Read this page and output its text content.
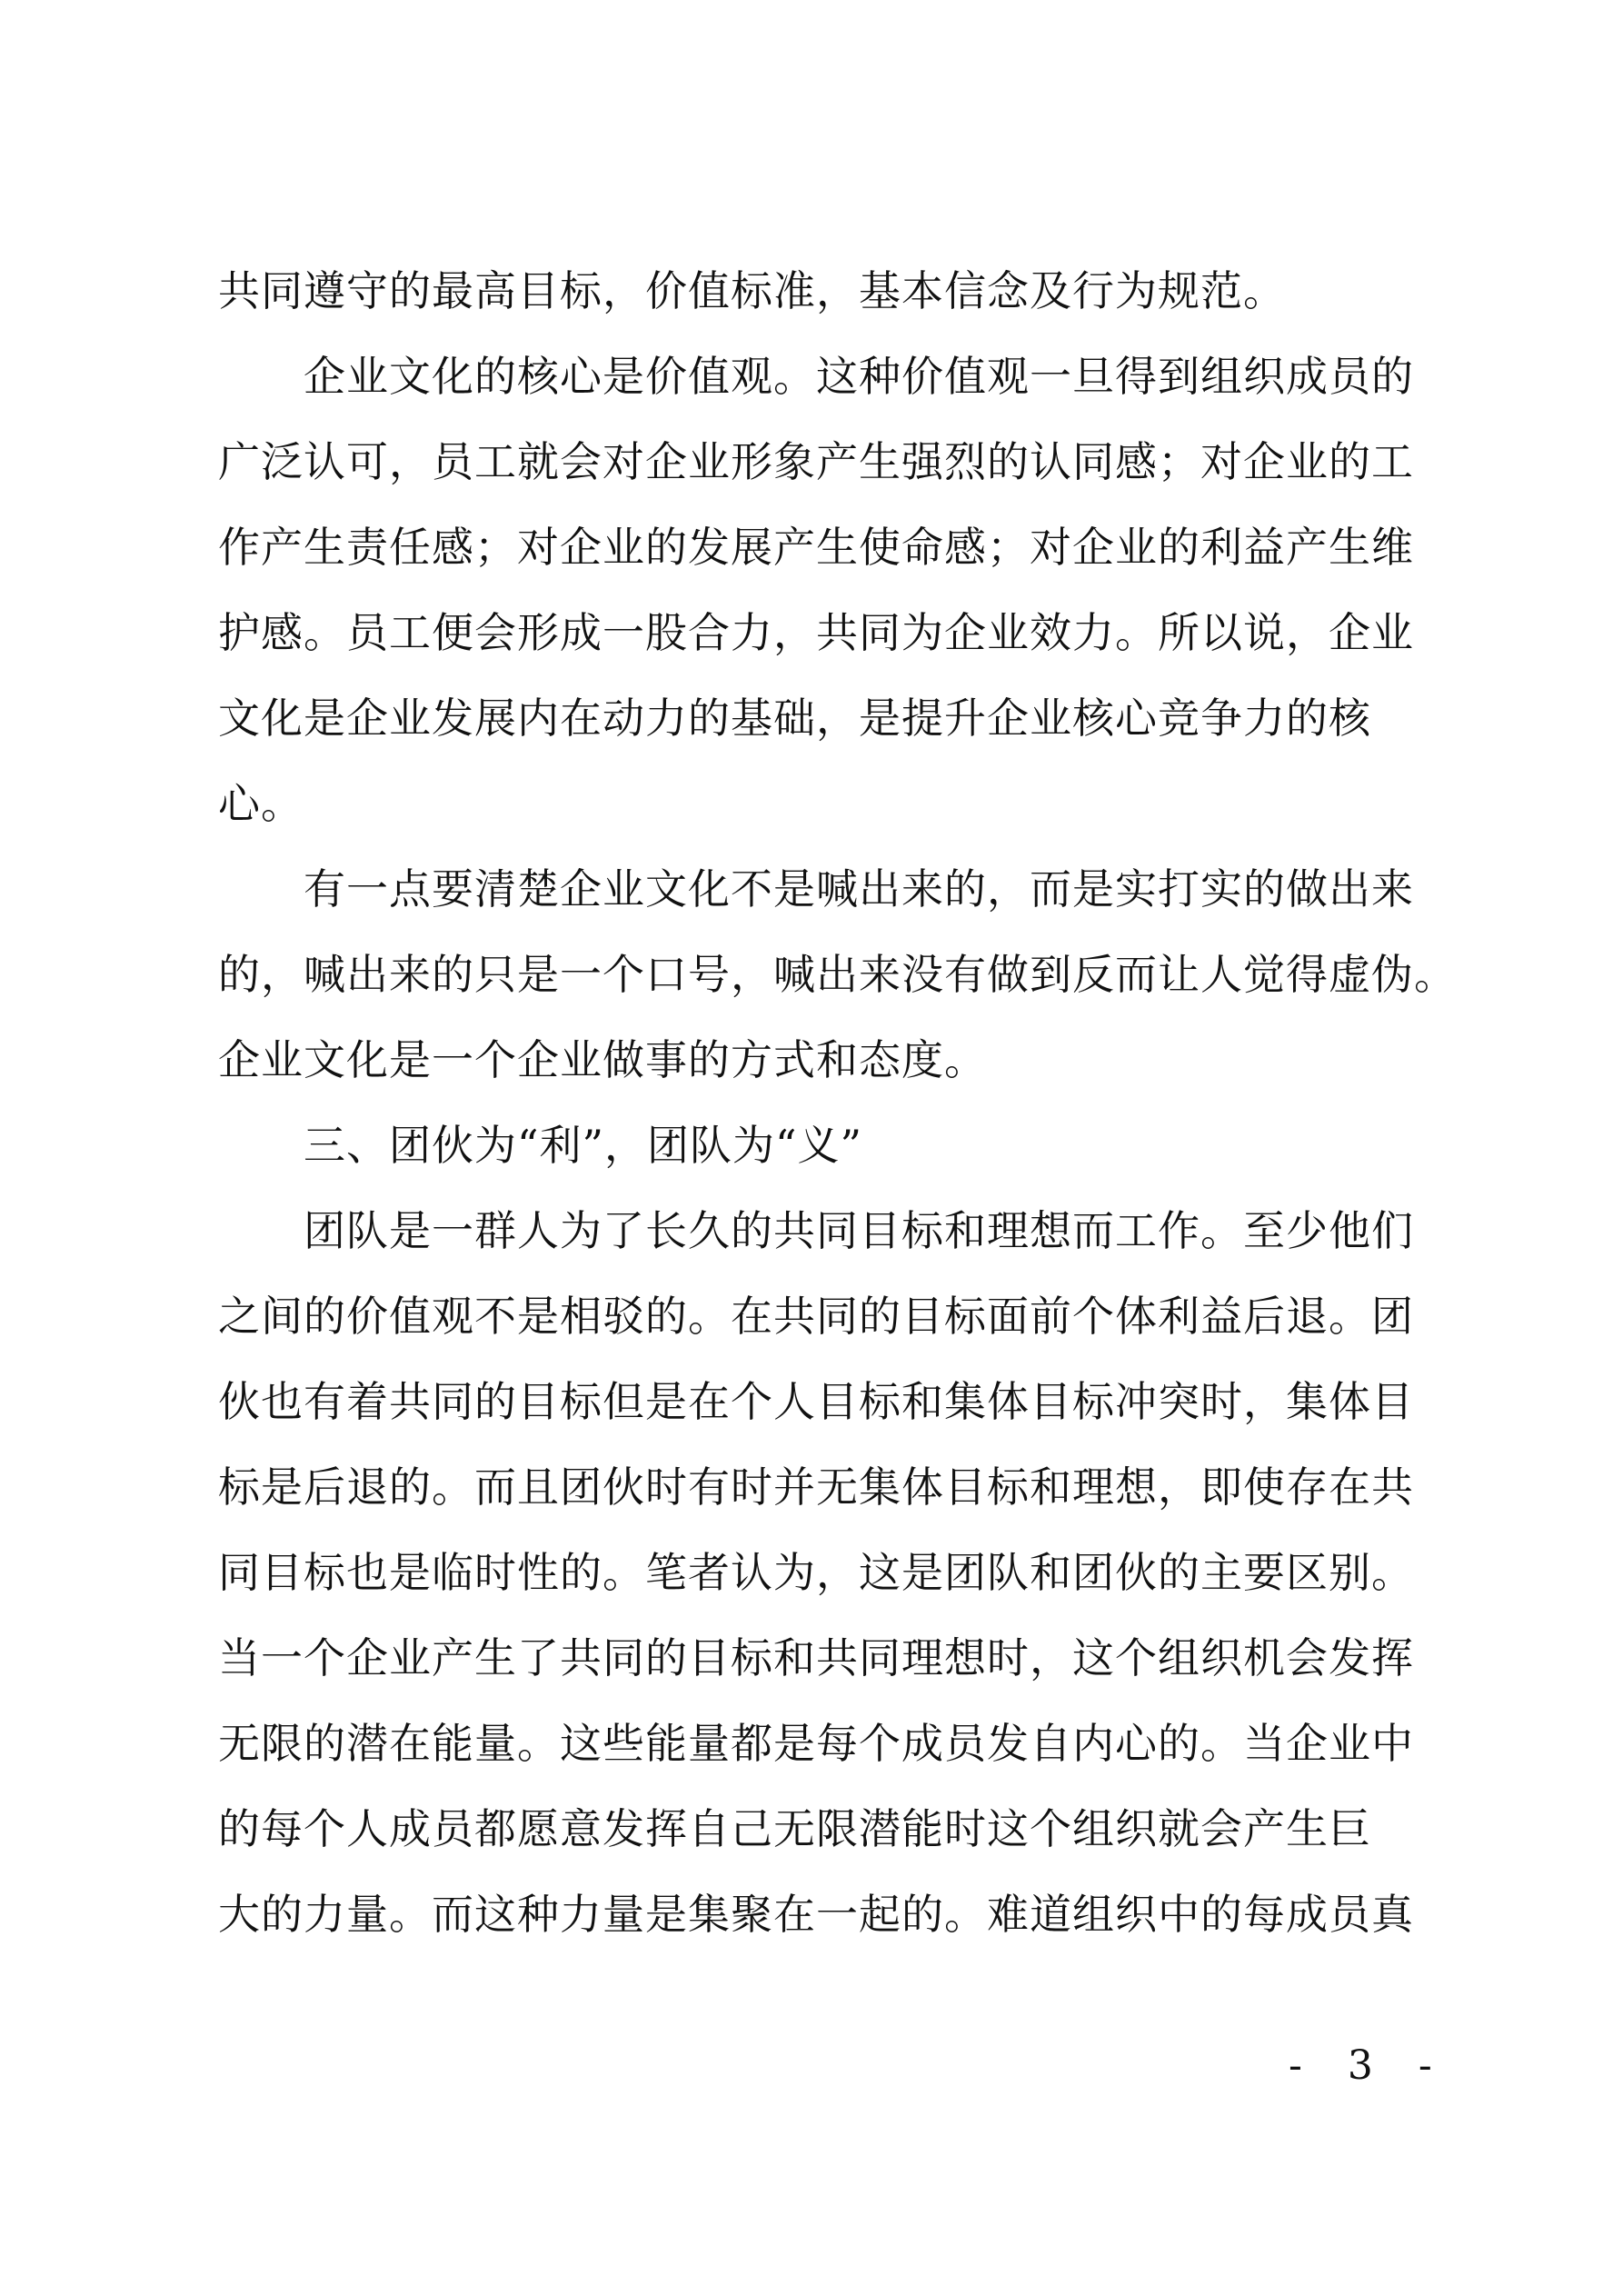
共同遵守的最高目标，价值标准，基本信念及行为规范。
企业文化的核心是价值观。这种价值观一旦得到组织成员的
广泛认可，员工就会对企业形象产生强烈的认同感；对企业的工
作产生责任感；对企业的发展产生使命感；对企业的利益产生维
护感。员工便会形成一股合力，共同为企业效力。所以说，企业
文化是企业发展内在动力的基础，是提升企业核心竞争力的核
心。
有一点要清楚企业文化不是喊出来的，而是实打实的做出来
的，喊出来的只是一个口号，喊出来没有做到反而让人觉得虚伪。
企业文化是一个企业做事的方式和态度。
三、团伙为“利”，团队为“义”
团队是一群人为了长久的共同目标和理想而工作。至少他们
之间的价值观不是相驳的。在共同的目标面前个体利益后退。团
伙也有着共同的目标但是在个人目标和集体目标冲突时，集体目
标是后退的。而且团伙时有时并无集体目标和理想，即使存在共
同目标也是临时性的。笔者认为，这是团队和团伙的主要区别。
当一个企业产生了共同的目标和共同理想时，这个组织机会发挥
无限的潜在能量。这些能量都是每个成员发自内心的。当企业中
的每个人成员都愿意发挥自己无限潜能时这个组织就会产生巨
大的力量。而这种力量是集聚在一起的。难道组织中的每成员真
- 3 -
